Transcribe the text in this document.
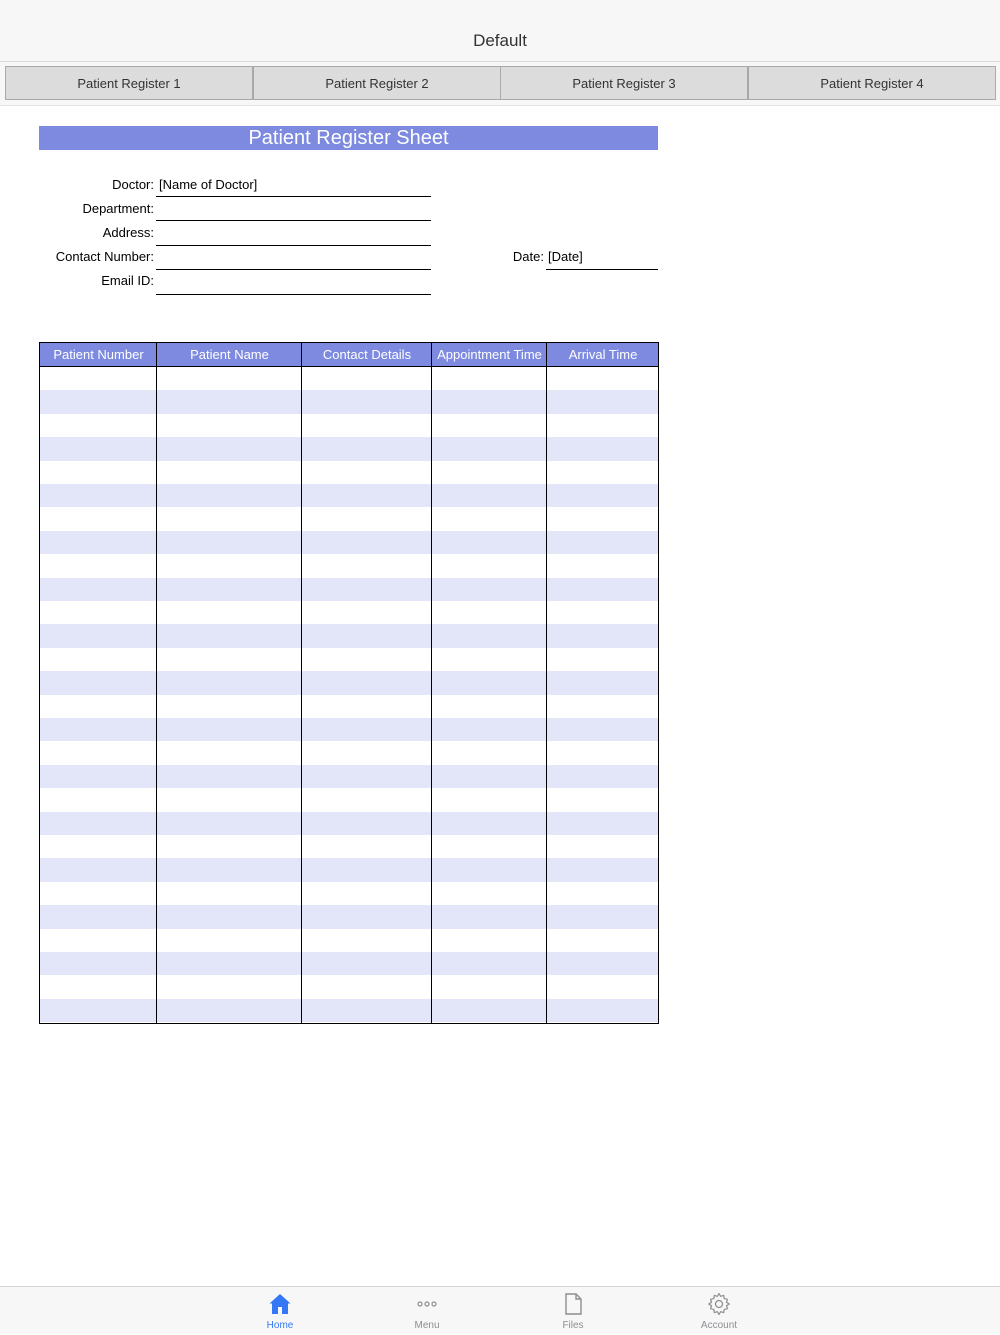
Default
Patient Register 1	Patient Register 2	Patient Register 3	Patient Register 4
Patient Register Sheet
Doctor: [Name of Doctor]
Department:
Address:
Contact Number:
Email ID:
Date: [Date]
Patient Number	Patient Name	Contact Details	Appointment Time	Arrival Time
Home	Menu	Files	Account
